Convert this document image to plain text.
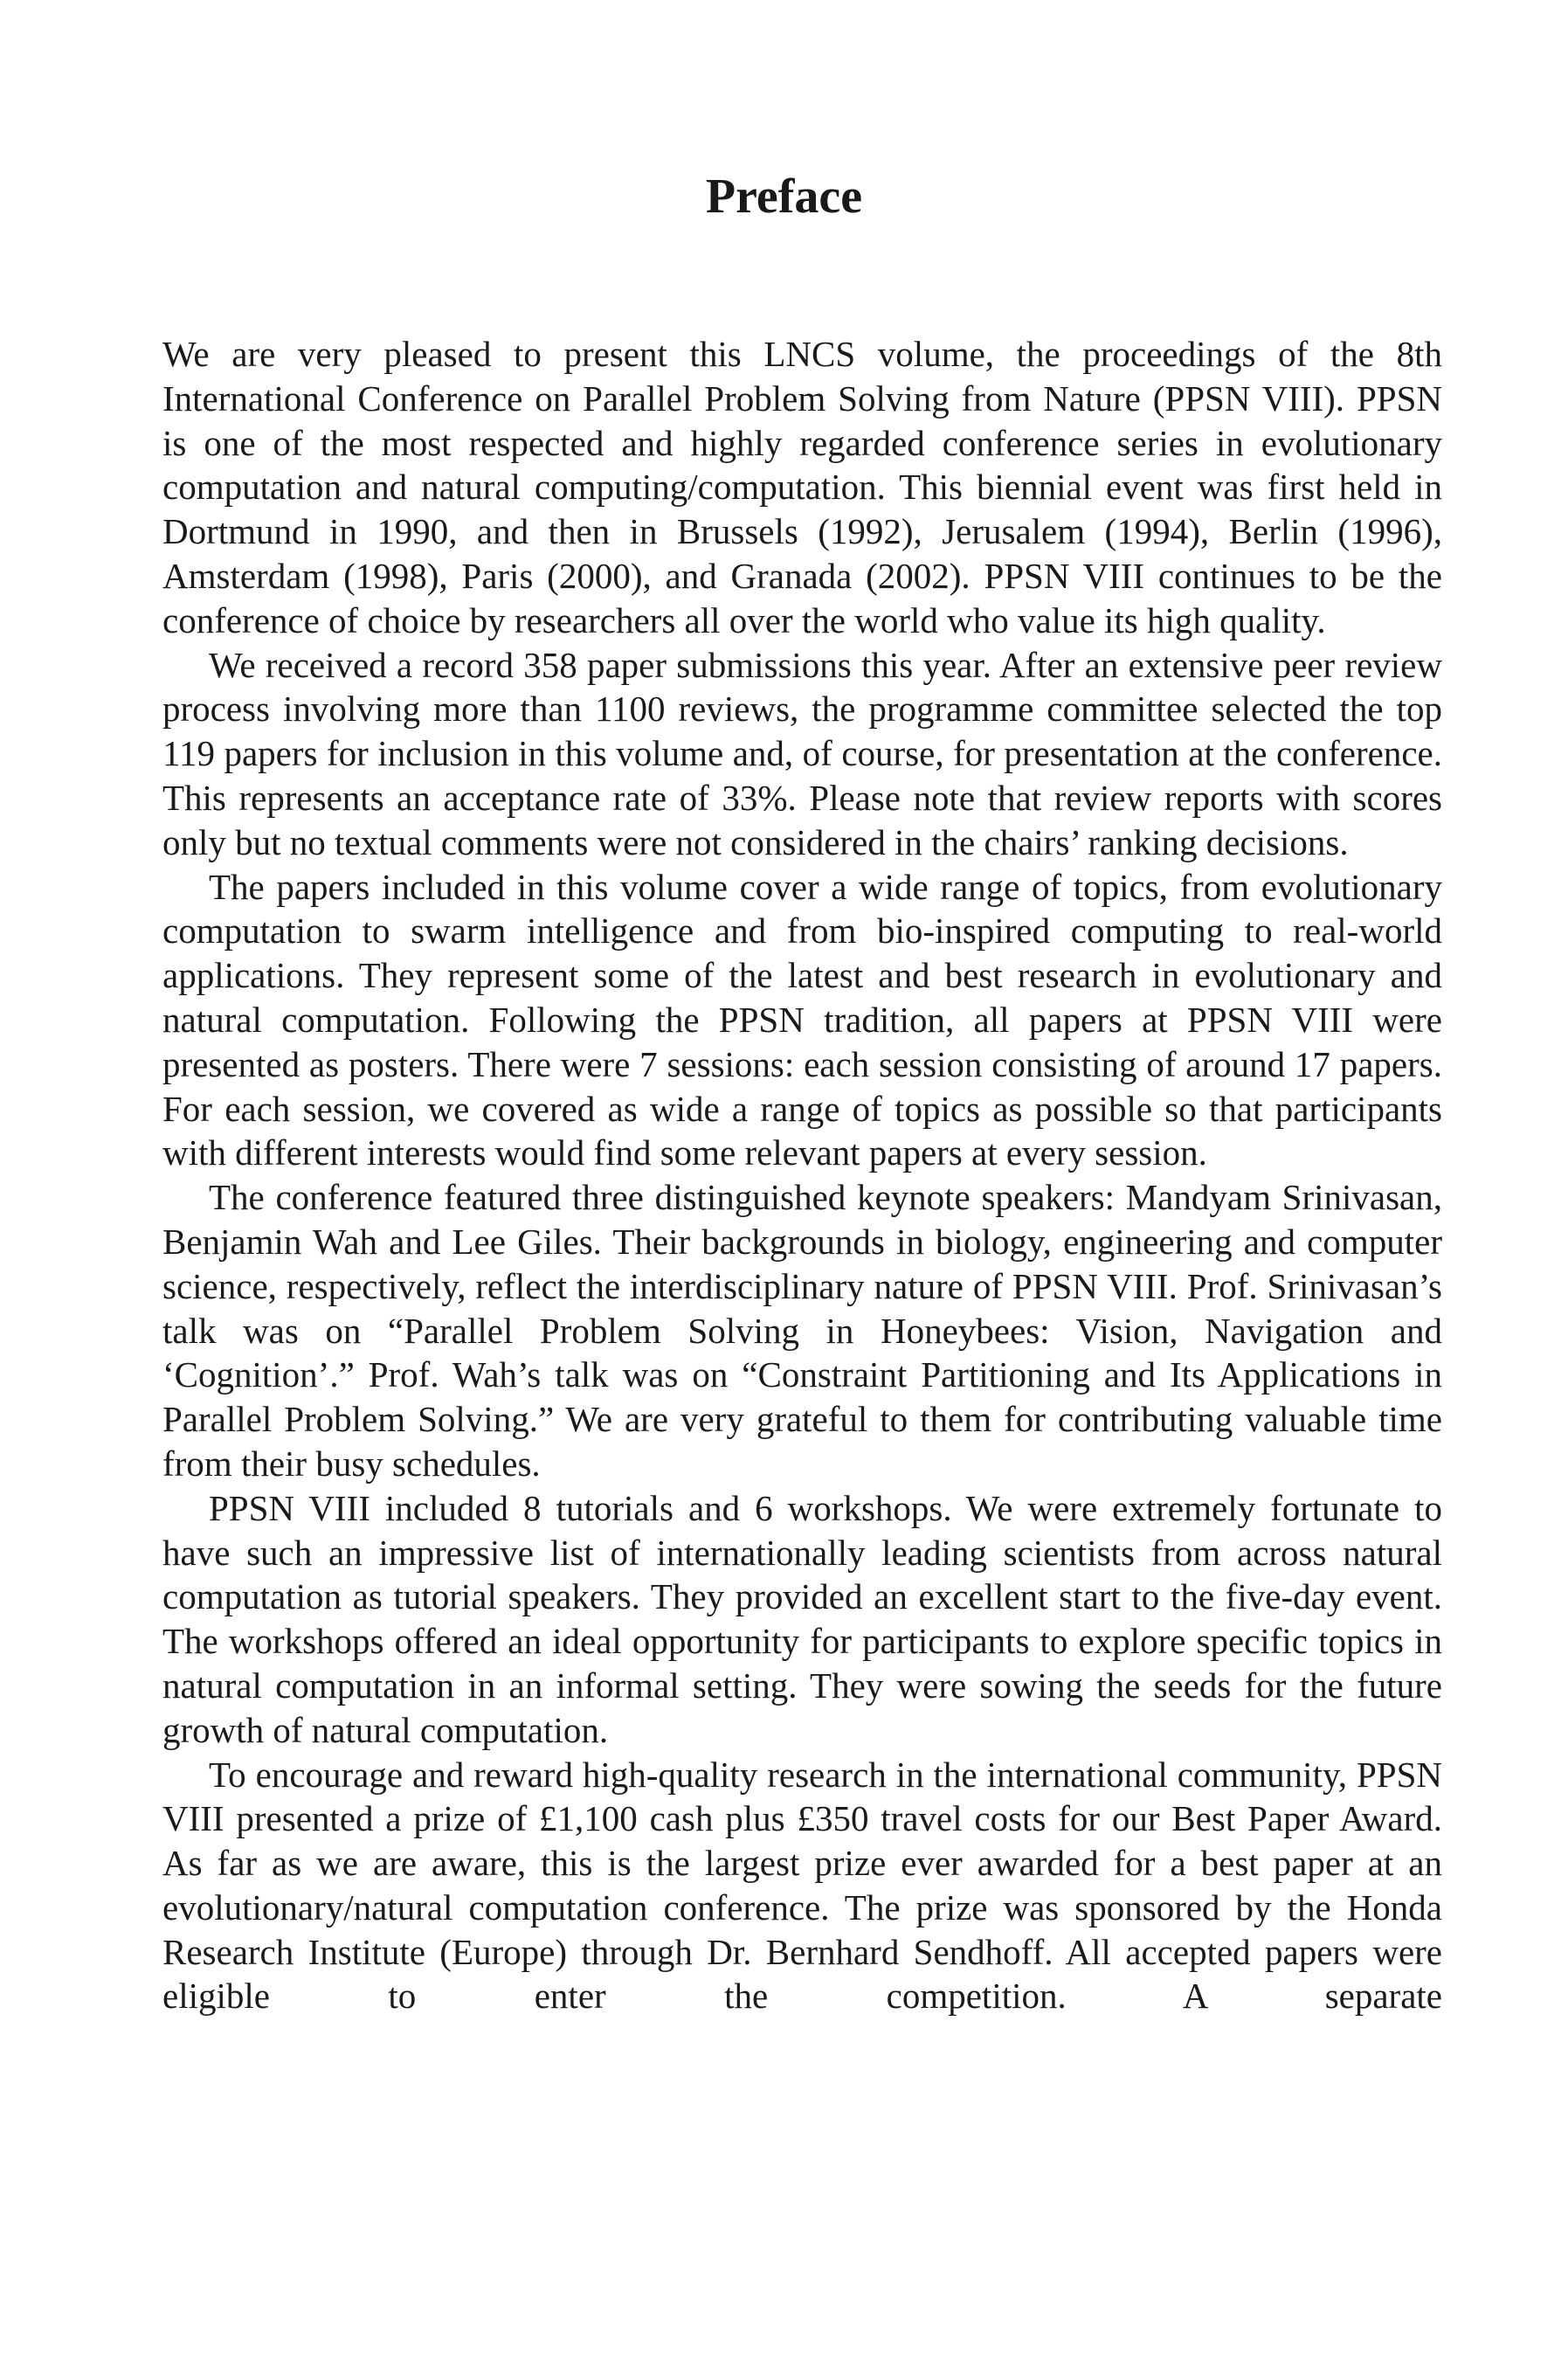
Preface

We are very pleased to present this LNCS volume, the proceedings of the 8th International Conference on Parallel Problem Solving from Nature (PPSN VIII). PPSN is one of the most respected and highly regarded conference series in evolutionary computation and natural computing/computation. This biennial event was first held in Dortmund in 1990, and then in Brussels (1992), Jerusalem (1994), Berlin (1996), Amsterdam (1998), Paris (2000), and Granada (2002). PPSN VIII continues to be the conference of choice by researchers all over the world who value its high quality.

We received a record 358 paper submissions this year. After an extensive peer review process involving more than 1100 reviews, the programme committee selected the top 119 papers for inclusion in this volume and, of course, for presentation at the conference. This represents an acceptance rate of 33%. Please note that review reports with scores only but no textual comments were not considered in the chairs’ ranking decisions.

The papers included in this volume cover a wide range of topics, from evolutionary computation to swarm intelligence and from bio-inspired computing to real-world applications. They represent some of the latest and best research in evolutionary and natural computation. Following the PPSN tradition, all papers at PPSN VIII were presented as posters. There were 7 sessions: each session consisting of around 17 papers. For each session, we covered as wide a range of topics as possible so that participants with different interests would find some relevant papers at every session.

The conference featured three distinguished keynote speakers: Mandyam Srinivasan, Benjamin Wah and Lee Giles. Their backgrounds in biology, engineering and computer science, respectively, reflect the interdisciplinary nature of PPSN VIII. Prof. Srinivasan’s talk was on “Parallel Problem Solving in Honeybees: Vision, Navigation and ‘Cognition’.” Prof. Wah’s talk was on “Constraint Partitioning and Its Applications in Parallel Problem Solving.” We are very grateful to them for contributing valuable time from their busy schedules.

PPSN VIII included 8 tutorials and 6 workshops. We were extremely fortunate to have such an impressive list of internationally leading scientists from across natural computation as tutorial speakers. They provided an excellent start to the five-day event. The workshops offered an ideal opportunity for participants to explore specific topics in natural computation in an informal setting. They were sowing the seeds for the future growth of natural computation.

To encourage and reward high-quality research in the international community, PPSN VIII presented a prize of £1,100 cash plus £350 travel costs for our Best Paper Award. As far as we are aware, this is the largest prize ever awarded for a best paper at an evolutionary/natural computation conference. The prize was sponsored by the Honda Research Institute (Europe) through Dr. Bernhard Sendhoff. All accepted papers were eligible to enter the competition. A separate
